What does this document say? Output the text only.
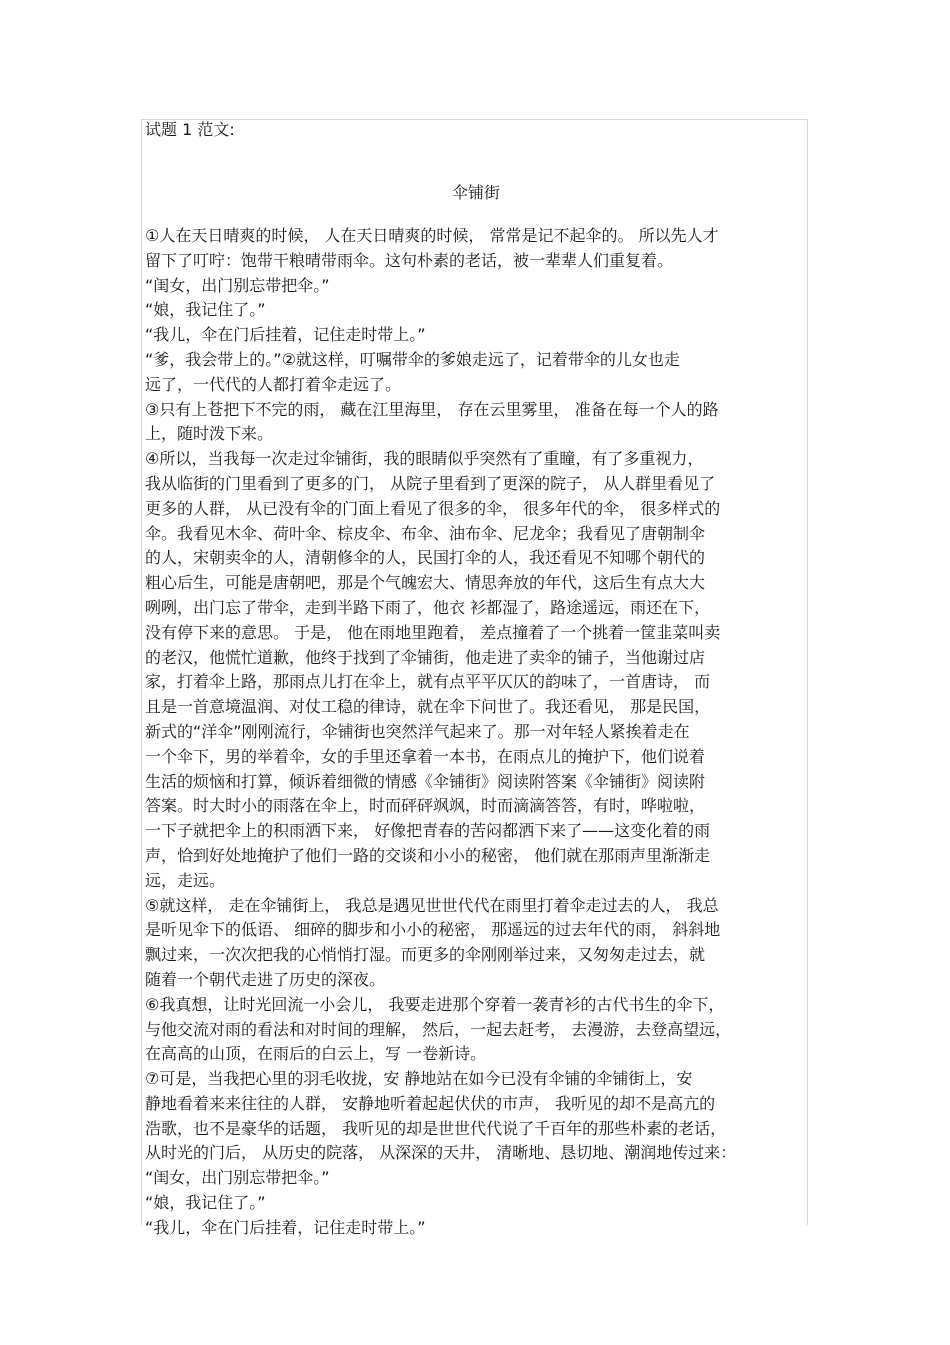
试题 1 范文:
伞铺街
①人在天日晴爽的时候， 人在天日晴爽的时候， 常常是记不起伞的。 所以先人才
留下了叮咛：饱带干粮晴带雨伞。这句朴素的老话，被一辈辈人们重复着。
“闺女，出门别忘带把伞。”
“娘，我记住了。”
“我儿，伞在门后挂着，记住走时带上。”
“爹，我会带上的。”②就这样，叮嘱带伞的爹娘走远了，记着带伞的儿女也走
远了，一代代的人都打着伞走远了。
③只有上苍把下不完的雨， 藏在江里海里， 存在云里雾里， 准备在每一个人的路
上，随时泼下来。
④所以，当我每一次走过伞铺街，我的眼睛似乎突然有了重瞳，有了多重视力，
我从临街的门里看到了更多的门， 从院子里看到了更深的院子， 从人群里看见了
更多的人群， 从已没有伞的门面上看见了很多的伞， 很多年代的伞， 很多样式的
伞。我看见木伞、荷叶伞、棕皮伞、布伞、油布伞、尼龙伞；我看见了唐朝制伞
的人，宋朝卖伞的人，清朝修伞的人，民国打伞的人，我还看见不知哪个朝代的
粗心后生，可能是唐朝吧，那是个气魄宏大、情思奔放的年代，这后生有点大大
咧咧，出门忘了带伞，走到半路下雨了，他衣 衫都湿了，路途遥远，雨还在下，
没有停下来的意思。 于是， 他在雨地里跑着， 差点撞着了一个挑着一筐韭菜叫卖
的老汉，他慌忙道歉，他终于找到了伞铺街，他走进了卖伞的铺子，当他谢过店
家，打着伞上路，那雨点儿打在伞上，就有点平平仄仄的韵味了，一首唐诗， 而
且是一首意境温润、对仗工稳的律诗，就在伞下问世了。我还看见， 那是民国，
新式的“洋伞”刚刚流行，伞铺街也突然洋气起来了。那一对年轻人紧挨着走在
一个伞下，男的举着伞，女的手里还拿着一本书，在雨点儿的掩护下，他们说着
生活的烦恼和打算，倾诉着细微的情感《伞铺街》阅读附答案《伞铺街》阅读附
答案。时大时小的雨落在伞上，时而砰砰飒飒，时而滴滴答答，有时，哗啦啦，
一下子就把伞上的积雨洒下来， 好像把青春的苦闷都洒下来了——这变化着的雨
声，恰到好处地掩护了他们一路的交谈和小小的秘密， 他们就在那雨声里渐渐走
远，走远。
⑤就这样， 走在伞铺街上， 我总是遇见世世代代在雨里打着伞走过去的人， 我总
是听见伞下的低语、 细碎的脚步和小小的秘密， 那遥远的过去年代的雨， 斜斜地
飘过来，一次次把我的心悄悄打湿。而更多的伞刚刚举过来，又匆匆走过去，就
随着一个朝代走进了历史的深夜。
⑥我真想，让时光回流一小会儿， 我要走进那个穿着一袭青衫的古代书生的伞下，
与他交流对雨的看法和对时间的理解， 然后，一起去赶考， 去漫游，去登高望远，
在高高的山顶，在雨后的白云上，写 一卷新诗。
⑦可是，当我把心里的羽毛收拢，安 静地站在如今已没有伞铺的伞铺街上，安
静地看着来来往往的人群， 安静地听着起起伏伏的市声， 我听见的却不是高亢的
浩歌，也不是豪华的话题， 我听见的却是世世代代说了千百年的那些朴素的老话，
从时光的门后， 从历史的院落， 从深深的天井， 清晰地、恳切地、潮润地传过来：
“闺女，出门别忘带把伞。”
“娘，我记住了。”
“我儿，伞在门后挂着，记住走时带上。”
